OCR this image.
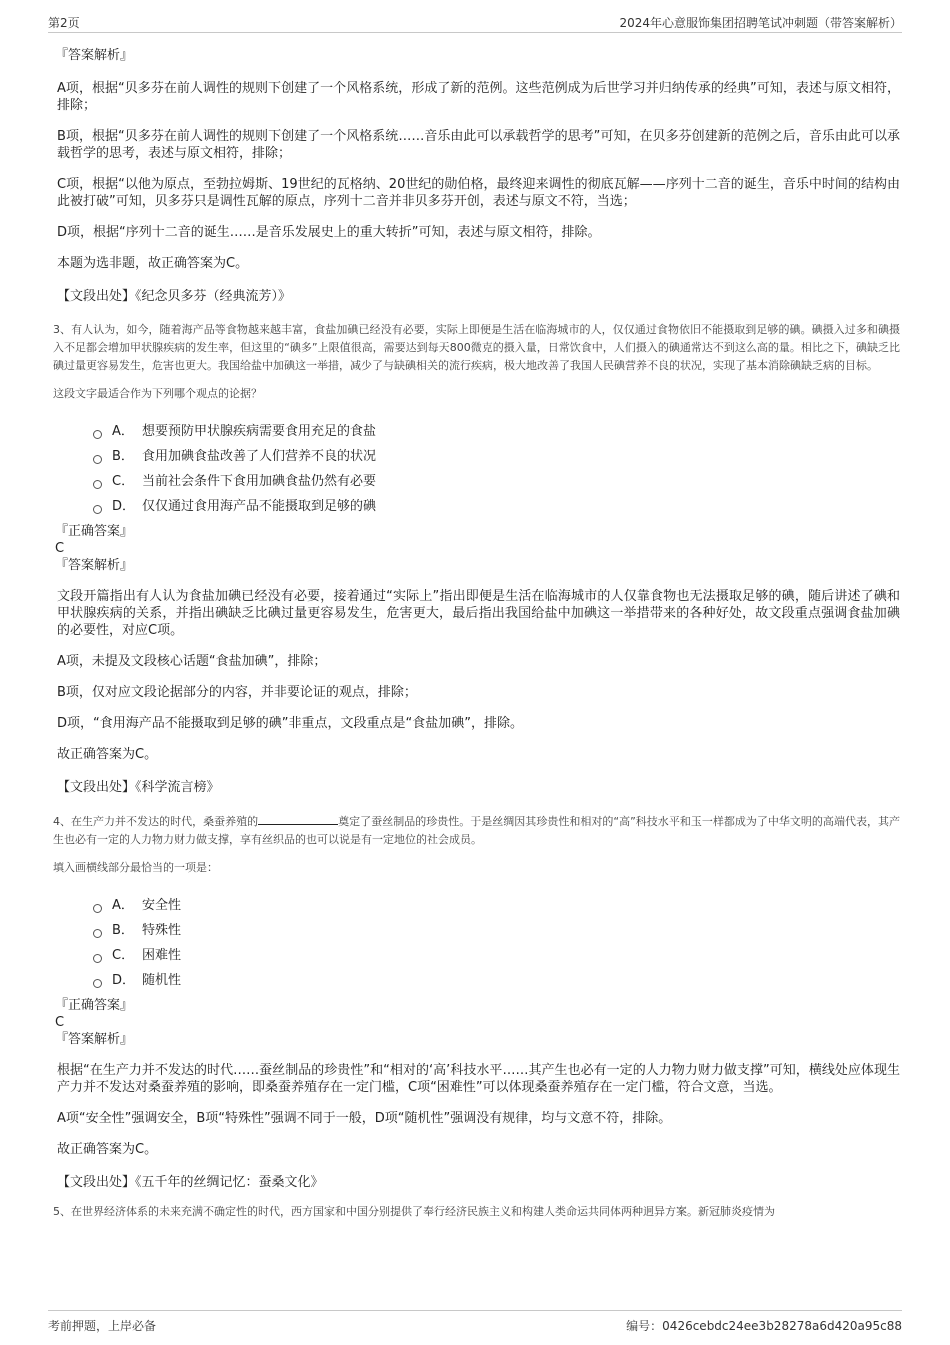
第2页	2024年心意服饰集团招聘笔试冲刺题（带答案解析）

『答案解析』

A项，根据“贝多芬在前人调性的规则下创建了一个风格系统，形成了新的范例。这些范例成为后世学习并归纳传承的经典”可知，表述与原文相符，排除；

B项，根据“贝多芬在前人调性的规则下创建了一个风格系统……音乐由此可以承载哲学的思考”可知，在贝多芬创建新的范例之后，音乐由此可以承载哲学的思考，表述与原文相符，排除；

C项，根据“以他为原点，至勃拉姆斯、19世纪的瓦格纳、20世纪的勋伯格，最终迎来调性的彻底瓦解——序列十二音的诞生，音乐中时间的结构由此被打破”可知，贝多芬只是调性瓦解的原点，序列十二音并非贝多芬开创，表述与原文不符，当选；

D项，根据“序列十二音的诞生……是音乐发展史上的重大转折”可知，表述与原文相符，排除。

本题为选非题，故正确答案为C。

【文段出处】《纪念贝多芬（经典流芳）》

3、有人认为，如今，随着海产品等食物越来越丰富，食盐加碘已经没有必要，实际上即便是生活在临海城市的人，仅仅通过食物依旧不能摄取到足够的碘。碘摄入过多和碘摄入不足都会增加甲状腺疾病的发生率，但这里的“碘多”上限值很高，需要达到每天800微克的摄入量，日常饮食中，人们摄入的碘通常达不到这么高的量。相比之下，碘缺乏比碘过量更容易发生，危害也更大。我国给盐中加碘这一举措，减少了与缺碘相关的流行疾病，极大地改善了我国人民碘营养不良的状况，实现了基本消除碘缺乏病的目标。

这段文字最适合作为下列哪个观点的论据？

A． 想要预防甲状腺疾病需要食用充足的食盐
B． 食用加碘食盐改善了人们营养不良的状况
C． 当前社会条件下食用加碘食盐仍然有必要
D． 仅仅通过食用海产品不能摄取到足够的碘

『正确答案』

C

『答案解析』

文段开篇指出有人认为食盐加碘已经没有必要，接着通过“实际上”指出即便是生活在临海城市的人仅靠食物也无法摄取足够的碘，随后讲述了碘和甲状腺疾病的关系，并指出碘缺乏比碘过量更容易发生，危害更大，最后指出我国给盐中加碘这一举措带来的各种好处，故文段重点强调食盐加碘的必要性，对应C项。

A项，未提及文段核心话题“食盐加碘”，排除；

B项，仅对应文段论据部分的内容，并非要论证的观点，排除；

D项，“食用海产品不能摄取到足够的碘”非重点，文段重点是“食盐加碘”，排除。

故正确答案为C。

【文段出处】《科学流言榜》

4、在生产力并不发达的时代，桑蚕养殖的	奠定了蚕丝制品的珍贵性。于是丝绸因其珍贵性和相对的“高”科技水平和玉一样都成为了中华文明的高端代表，其产生也必有一定的人力物力财力做支撑，享有丝织品的也可以说是有一定地位的社会成员。

填入画横线部分最恰当的一项是：

A． 安全性
B． 特殊性
C． 困难性
D． 随机性

『正确答案』

C

『答案解析』

根据“在生产力并不发达的时代……蚕丝制品的珍贵性”和“相对的‘高’科技水平……其产生也必有一定的人力物力财力做支撑”可知，横线处应体现生产力并不发达对桑蚕养殖的影响，即桑蚕养殖存在一定门槛，C项“困难性”可以体现桑蚕养殖存在一定门槛，符合文意，当选。

A项“安全性”强调安全，B项“特殊性”强调不同于一般，D项“随机性”强调没有规律，均与文意不符，排除。

故正确答案为C。

【文段出处】《五千年的丝绸记忆：蚕桑文化》

5、在世界经济体系的未来充满不确定性的时代，西方国家和中国分别提供了奉行经济民族主义和构建人类命运共同体两种迥异方案。新冠肺炎疫情为

考前押题，上岸必备	编号：0426cebdc24ee3b28278a6d420a95c88
